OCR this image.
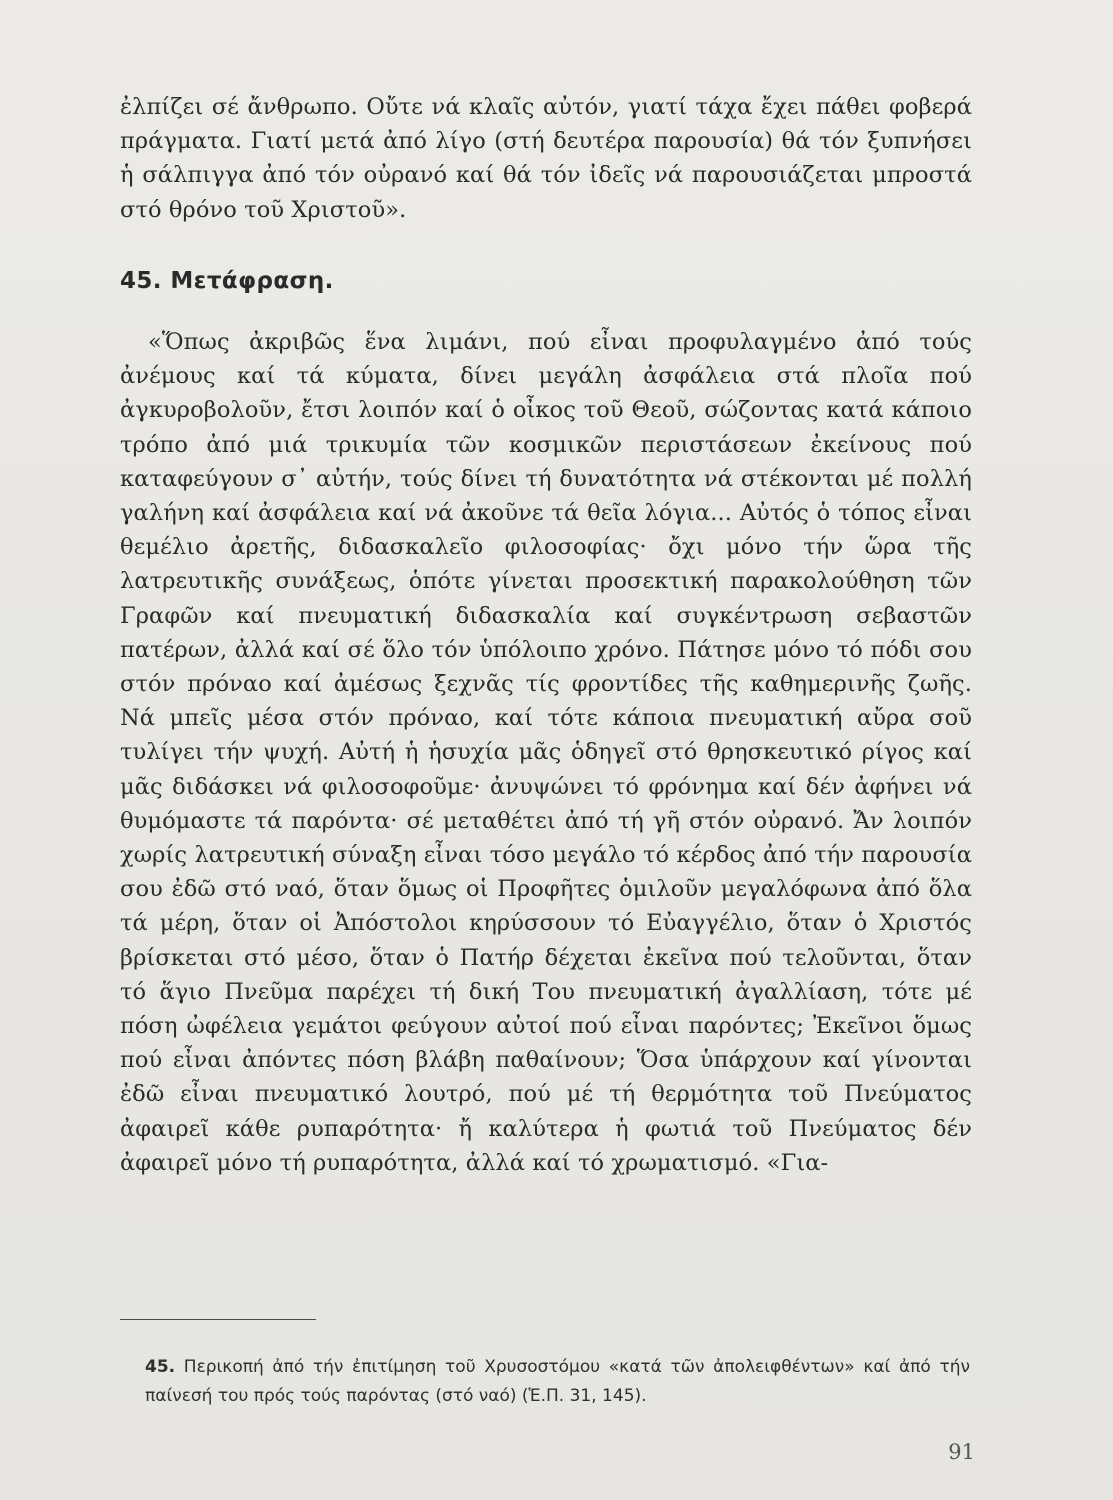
ἐλπίζει σέ ἄνθρωπο. Οὔτε νά κλαῖς αὐτόν, γιατί τάχα ἔχει πάθει φοβερά πράγματα. Γιατί μετά ἀπό λίγο (στή δευτέρα παρουσία) θά τόν ξυπνήσει ἡ σάλπιγγα ἀπό τόν οὐρανό καί θά τόν ἰδεῖς νά παρουσιάζεται μπροστά στό θρόνο τοῦ Χριστοῦ».

45. Μετάφραση.

«Ὅπως ἀκριβῶς ἕνα λιμάνι, πού εἶναι προφυλαγμένο ἀπό τούς ἀνέμους καί τά κύματα, δίνει μεγάλη ἀσφάλεια στά πλοῖα πού ἀγκυροβολοῦν, ἔτσι λοιπόν καί ὁ οἶκος τοῦ Θεοῦ, σώζοντας κατά κάποιο τρόπο ἀπό μιά τρικυμία τῶν κοσμικῶν περιστάσεων ἐκείνους πού καταφεύγουν σ᾽ αὐτήν, τούς δίνει τή δυνατότητα νά στέκονται μέ πολλή γαλήνη καί ἀσφάλεια καί νά ἀκοῦνε τά θεῖα λόγια... Αὐτός ὁ τόπος εἶναι θεμέλιο ἀρετῆς, διδασκαλεῖο φιλοσοφίας· ὄχι μόνο τήν ὥρα τῆς λατρευτικῆς συνάξεως, ὁπότε γίνεται προσεκτική παρακολούθηση τῶν Γραφῶν καί πνευματική διδασκαλία καί συγκέντρωση σεβαστῶν πατέρων, ἀλλά καί σέ ὅλο τόν ὑπόλοιπο χρόνο. Πάτησε μόνο τό πόδι σου στόν πρόναο καί ἀμέσως ξεχνᾶς τίς φροντίδες τῆς καθημερινῆς ζωῆς. Νά μπεῖς μέσα στόν πρόναο, καί τότε κάποια πνευματική αὔρα σοῦ τυλίγει τήν ψυχή. Αὐτή ἡ ἡσυχία μᾶς ὁδηγεῖ στό θρησκευτικό ρίγος καί μᾶς διδάσκει νά φιλοσοφοῦμε· ἀνυψώνει τό φρόνημα καί δέν ἀφήνει νά θυμόμαστε τά παρόντα· σέ μεταθέτει ἀπό τή γῆ στόν οὐρανό. Ἄν λοιπόν χωρίς λατρευτική σύναξη εἶναι τόσο μεγάλο τό κέρδος ἀπό τήν παρουσία σου ἐδῶ στό ναό, ὅταν ὅμως οἱ Προφῆτες ὁμιλοῦν μεγαλόφωνα ἀπό ὅλα τά μέρη, ὅταν οἱ Ἀπόστολοι κηρύσσουν τό Εὐαγγέλιο, ὅταν ὁ Χριστός βρίσκεται στό μέσο, ὅταν ὁ Πατήρ δέχεται ἐκεῖνα πού τελοῦνται, ὅταν τό ἅγιο Πνεῦμα παρέχει τή δική Του πνευματική ἀγαλλίαση, τότε μέ πόση ὠφέλεια γεμάτοι φεύγουν αὐτοί πού εἶναι παρόντες; Ἐκεῖνοι ὅμως πού εἶναι ἀπόντες πόση βλάβη παθαίνουν; Ὅσα ὑπάρχουν καί γίνονται ἐδῶ εἶναι πνευματικό λουτρό, πού μέ τή θερμότητα τοῦ Πνεύματος ἀφαιρεῖ κάθε ρυπαρότητα· ἤ καλύτερα ἡ φωτιά τοῦ Πνεύματος δέν ἀφαιρεῖ μόνο τή ρυπαρότητα, ἀλλά καί τό χρωματισμό. «Για-

45. Περικοπή ἀπό τήν ἐπιτίμηση τοῦ Χρυσοστόμου «κατά τῶν ἀπολειφθέντων» καί ἀπό τήν παίνεσή του πρός τούς παρόντας (στό ναό) (Ἑ.Π. 31, 145).
91
